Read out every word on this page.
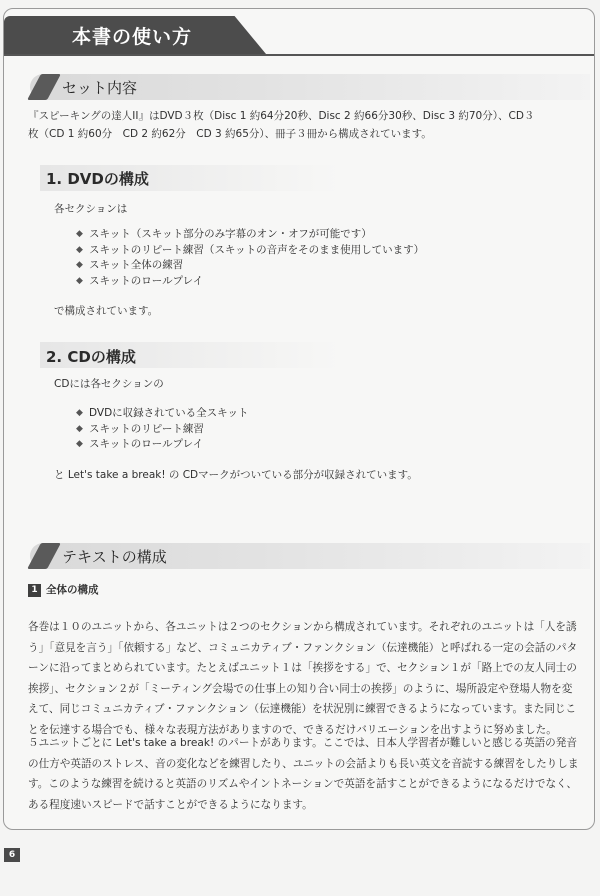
本書の使い方
セット内容
『スピーキングの達人II』はDVD３枚（Disc 1 約64分20秒、Disc 2 約66分30秒、Disc 3 約70分）、CD３
枚（CD 1 約60分　CD 2 約62分　CD 3 約65分）、冊子３冊から構成されています。
1. DVDの構成
各セクションは
◆ スキット（スキット部分のみ字幕のオン・オフが可能です）
◆ スキットのリピート練習（スキットの音声をそのまま使用しています）
◆ スキット全体の練習
◆ スキットのロールプレイ
で構成されています。
2. CDの構成
CDには各セクションの
◆ DVDに収録されている全スキット
◆ スキットのリピート練習
◆ スキットのロールプレイ
と Let's take a break! の CDマークがついている部分が収録されています。
テキストの構成
1 全体の構成
各巻は１０のユニットから、各ユニットは２つのセクションから構成されています。それぞれのユニットは「人を誘
う」「意見を言う」「依頼する」など、コミュニカティブ・ファンクション（伝達機能）と呼ばれる一定の会話のパタ
ーンに沿ってまとめられています。たとえばユニット１は「挨拶をする」で、セクション１が「路上での友人同士の
挨拶」、セクション２が「ミーティング会場での仕事上の知り合い同士の挨拶」のように、場所設定や登場人物を変
えて、同じコミュニカティブ・ファンクション（伝達機能）を状況別に練習できるようになっています。また同じこ
とを伝達する場合でも、様々な表現方法がありますので、できるだけバリエーションを出すように努めました。
５ユニットごとに Let's take a break! のパートがあります。ここでは、日本人学習者が難しいと感じる英語の発音
の仕方や英語のストレス、音の変化などを練習したり、ユニットの会話よりも長い英文を音読する練習をしたりしま
す。このような練習を続けると英語のリズムやイントネーションで英語を話すことができるようになるだけでなく、
ある程度速いスピードで話すことができるようになります。
6
